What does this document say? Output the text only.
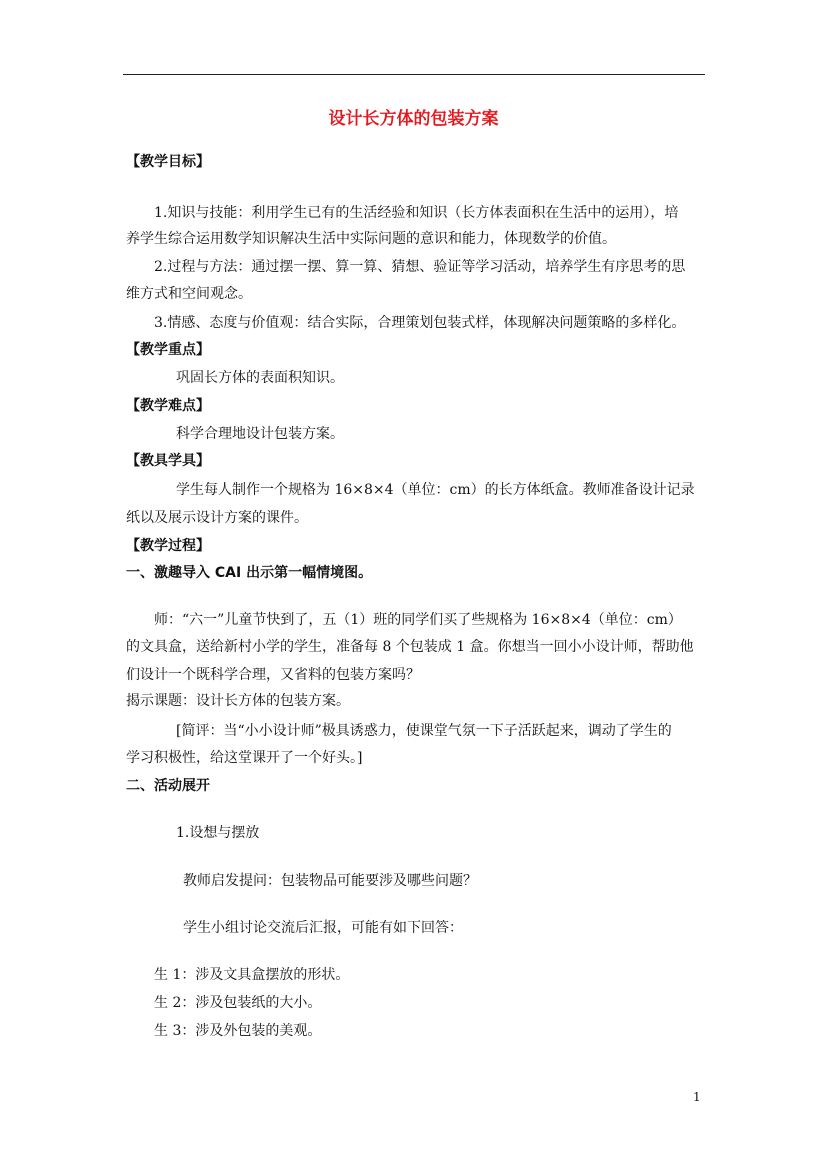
设计长方体的包装方案
【教学目标】
1.知识与技能：利用学生已有的生活经验和知识（长方体表面积在生活中的运用），培
养学生综合运用数学知识解决生活中实际问题的意识和能力，体现数学的价值。
2.过程与方法：通过摆一摆、算一算、猜想、验证等学习活动，培养学生有序思考的思
维方式和空间观念。
3.情感、态度与价值观：结合实际，合理策划包装式样，体现解决问题策略的多样化。
【教学重点】
巩固长方体的表面积知识。
【教学难点】
科学合理地设计包装方案。
【教具学具】
学生每人制作一个规格为 16×8×4（单位：cm）的长方体纸盒。教师准备设计记录
纸以及展示设计方案的课件。
【教学过程】
一、激趣导入 CAI 出示第一幅情境图。
师：“六一”儿童节快到了，五（1）班的同学们买了些规格为 16×8×4（单位：cm）
的文具盒，送给新村小学的学生，准备每 8 个包装成 1 盒。你想当一回小小设计师，帮助他
们设计一个既科学合理，又省料的包装方案吗？
揭示课题：设计长方体的包装方案。
[简评：当“小小设计师”极具诱惑力，使课堂气氛一下子活跃起来，调动了学生的
学习积极性，给这堂课开了一个好头。]
二、活动展开
1.设想与摆放
教师启发提问：包装物品可能要涉及哪些问题？
学生小组讨论交流后汇报，可能有如下回答：
生 1：涉及文具盒摆放的形状。
生 2：涉及包装纸的大小。
生 3：涉及外包装的美观。
1
